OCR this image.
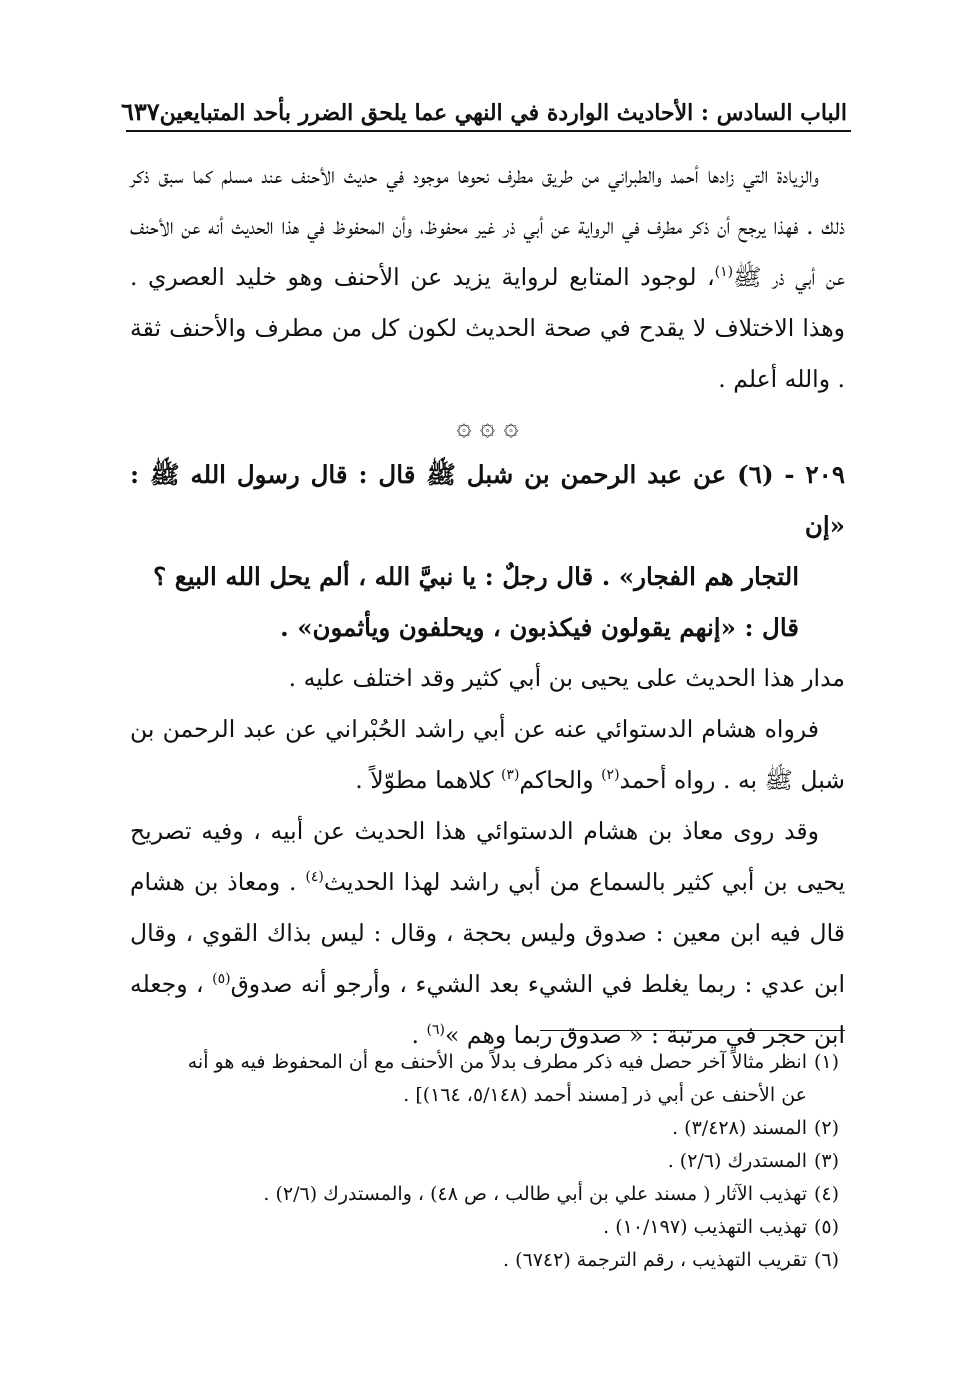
الباب السادس : الأحاديث الواردة في النهي عما يلحق الضرر بأحد المتبايعين
٦٣٧

والزيادة التي زادها أحمد والطبراني من طريق مطرف نحوها موجود في حديث الأحنف عند مسلم كما سبق ذكر ذلك . فهذا يرجح أن ذكر مطرف في الرواية عن أبي ذر غير محفوظ، وأن المحفوظ في هذا الحديث أنه عن الأحنف عن أبي ذر ﷺ$^{(١)}$، لوجود المتابع لرواية يزيد عن الأحنف وهو خليد العصري . وهذا الاختلاف لا يقدح في صحة الحديث لكون كل من مطرف والأحنف ثقة . والله أعلم .

۞ ۞ ۞

٢٠٩ - (٦) عن عبد الرحمن بن شبل ﷺ قال : قال رسول الله ﷺ : «إن

التجار هم الفجار» . قال رجلٌ : يا نبيَّ الله ، ألم يحل الله البيع ؟

قال : «إنهم يقولون فيكذبون ، ويحلفون ويأثمون» .

مدار هذا الحديث على يحيى بن أبي كثير وقد اختلف عليه .

فرواه هشام الدستوائي عنه عن أبي راشد الحُبْراني عن عبد الرحمن بن شبل ﷺ به . رواه أحمد$^{(٢)}$ والحاكم$^{(٣)}$ كلاهما مطوّلاً .

وقد روى معاذ بن هشام الدستوائي هذا الحديث عن أبيه ، وفيه تصريح يحيى بن أبي كثير بالسماع من أبي راشد لهذا الحديث$^{(٤)}$ . ومعاذ بن هشام قال فيه ابن معين : صدوق وليس بحجة ، وقال : ليس بذاك القوي ، وقال ابن عدي : ربما يغلط في الشيء بعد الشيء ، وأرجو أنه صدوق$^{(٥)}$ ، وجعله ابن حجر في مرتبة : « صدوق ربما وهم »$^{(٦)}$ .

(١)انظر مثالاً آخر حصل فيه ذكر مطرف بدلاً من الأحنف مع أن المحفوظ فيه هو أنه

عن الأحنف عن أبي ذر [مسند أحمد (٥/١٤٨، ١٦٤)] .

(٢)المسند (٣/٤٢٨) .

(٣)المستدرك (٢/٦) .

(٤)تهذيب الآثار ( مسند علي بن أبي طالب ، ص ٤٨) ، والمستدرك (٢/٦) .

(٥)تهذيب التهذيب (١٠/١٩٧) .

(٦)تقريب التهذيب ، رقم الترجمة (٦٧٤٢) .
